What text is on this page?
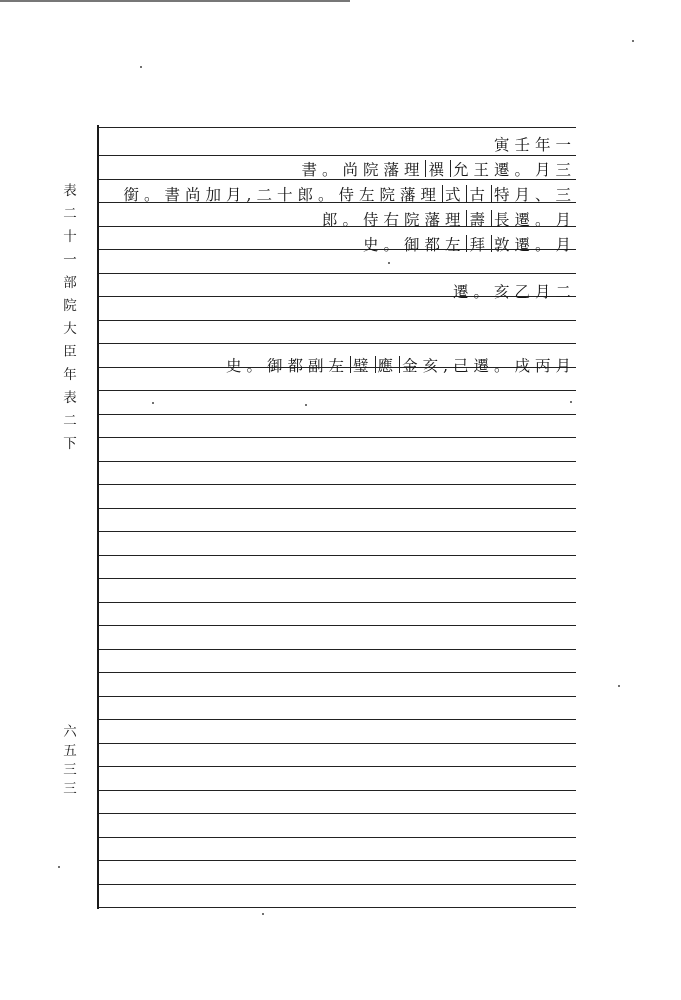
表二十一　部院大臣年表二下
六五三三
寅壬年一
書。尚院藩理 禩 允王遷。月三
銜。書尚加月,二十郎。侍左院藩理 式 古 特月、三
郎。侍右院藩理 壽 長遷。月
史。御都左 拜 敦遷。月
遷。亥乙月二
史。御都副左 璧 應 金亥,己遷。戌丙月
